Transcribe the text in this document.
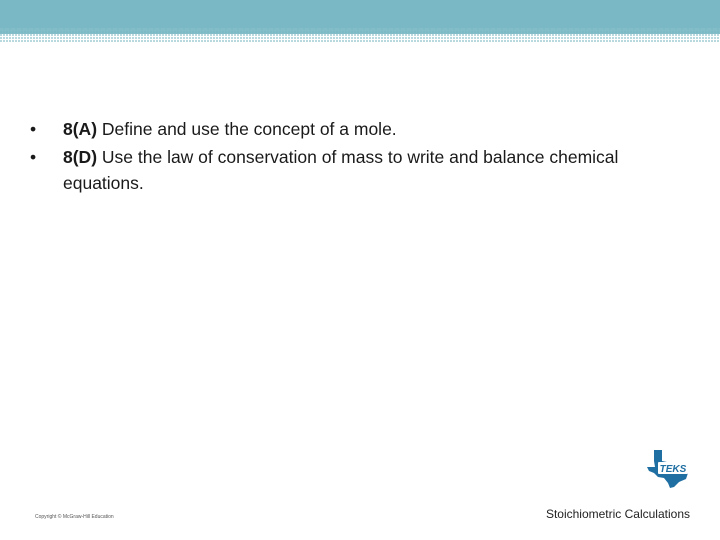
•	8(A) Define and use the concept of a mole.
•	8(D) Use the law of conservation of mass to write and balance chemical equations.
TEKS
Copyright © McGraw-Hill Education	Stoichiometric Calculations
